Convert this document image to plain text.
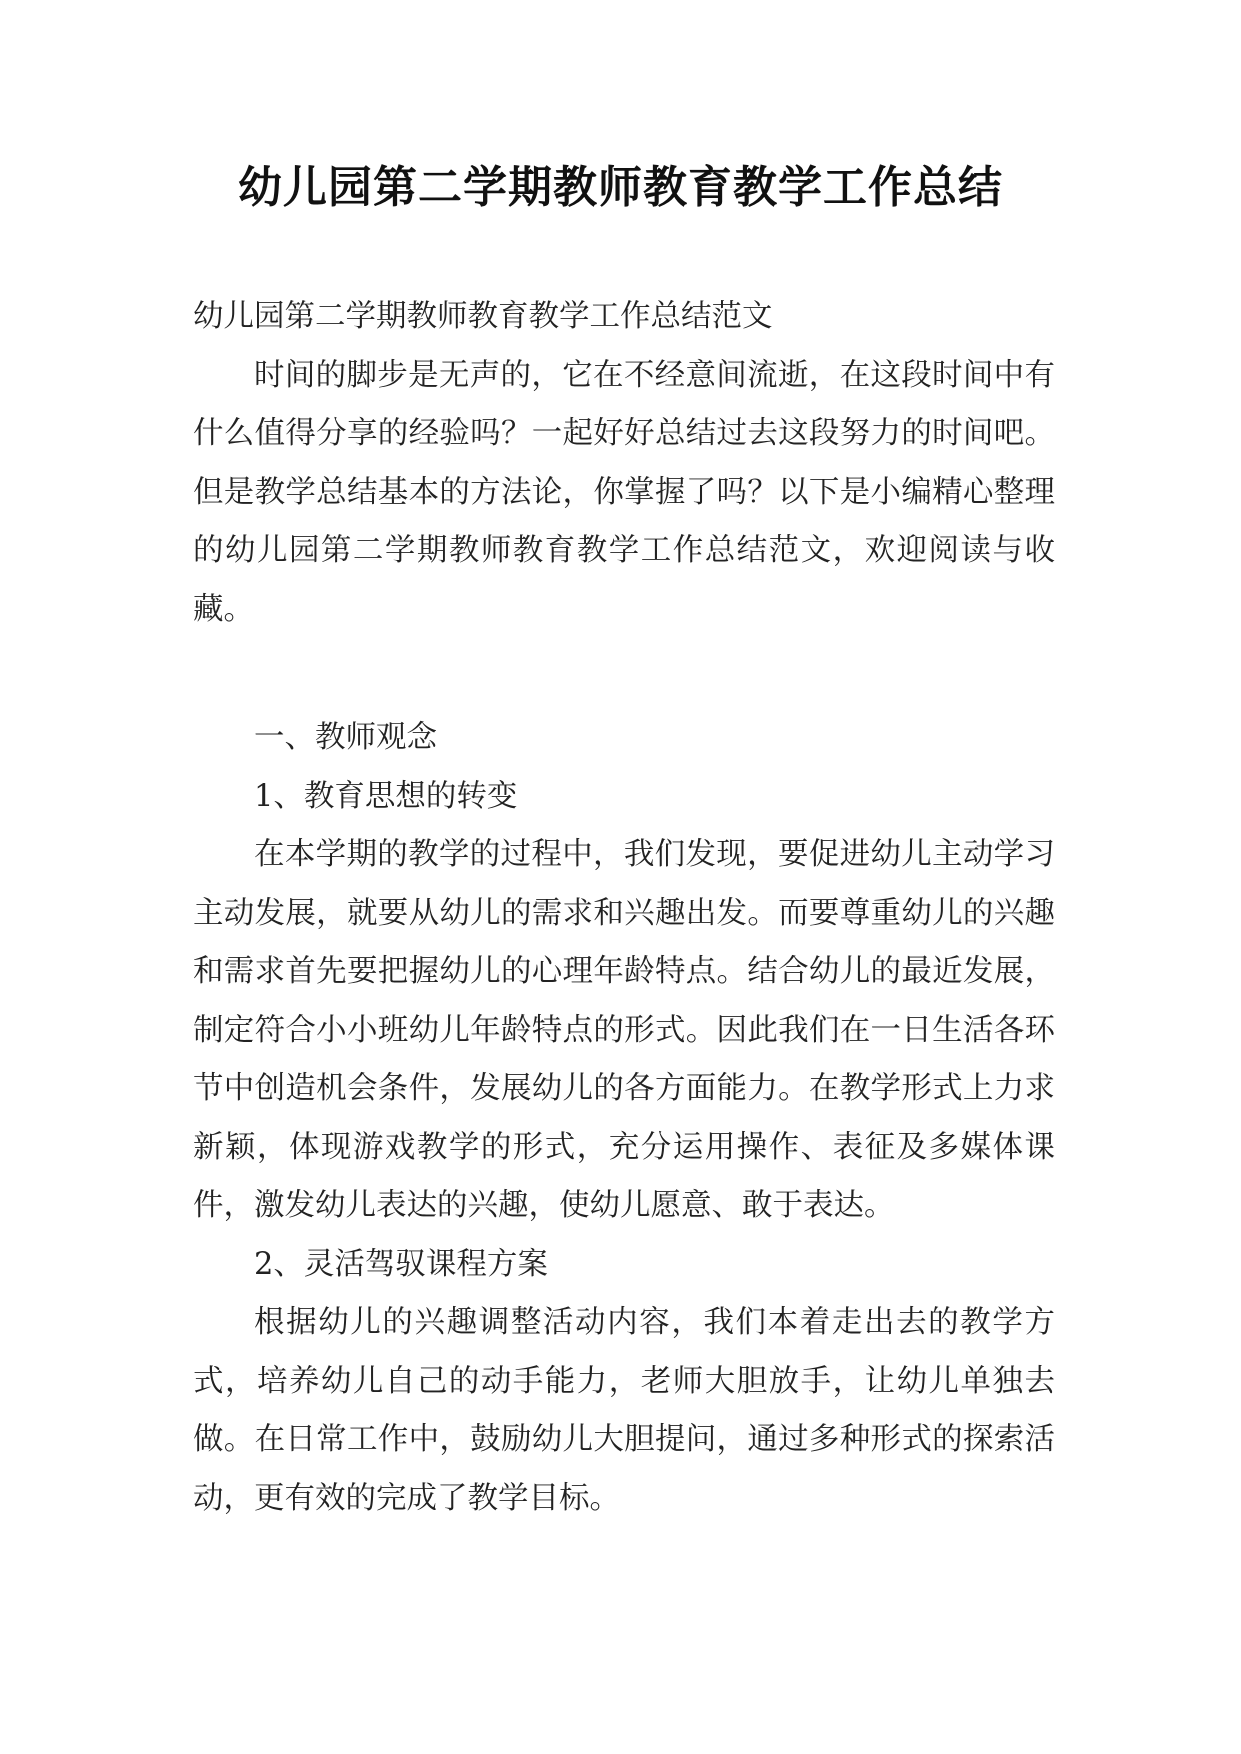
幼儿园第二学期教师教育教学工作总结

幼儿园第二学期教师教育教学工作总结范文

时间的脚步是无声的，它在不经意间流逝，在这段时间中有什么值得分享的经验吗？一起好好总结过去这段努力的时间吧。但是教学总结基本的方法论，你掌握了吗？以下是小编精心整理的幼儿园第二学期教师教育教学工作总结范文，欢迎阅读与收藏。

一、教师观念

1、教育思想的转变

在本学期的教学的过程中，我们发现，要促进幼儿主动学习主动发展，就要从幼儿的需求和兴趣出发。而要尊重幼儿的兴趣和需求首先要把握幼儿的心理年龄特点。结合幼儿的最近发展，制定符合小小班幼儿年龄特点的形式。因此我们在一日生活各环节中创造机会条件，发展幼儿的各方面能力。在教学形式上力求新颖，体现游戏教学的形式，充分运用操作、表征及多媒体课件，激发幼儿表达的兴趣，使幼儿愿意、敢于表达。

2、灵活驾驭课程方案

根据幼儿的兴趣调整活动内容，我们本着走出去的教学方式，培养幼儿自己的动手能力，老师大胆放手，让幼儿单独去做。在日常工作中，鼓励幼儿大胆提问，通过多种形式的探索活动，更有效的完成了教学目标。
